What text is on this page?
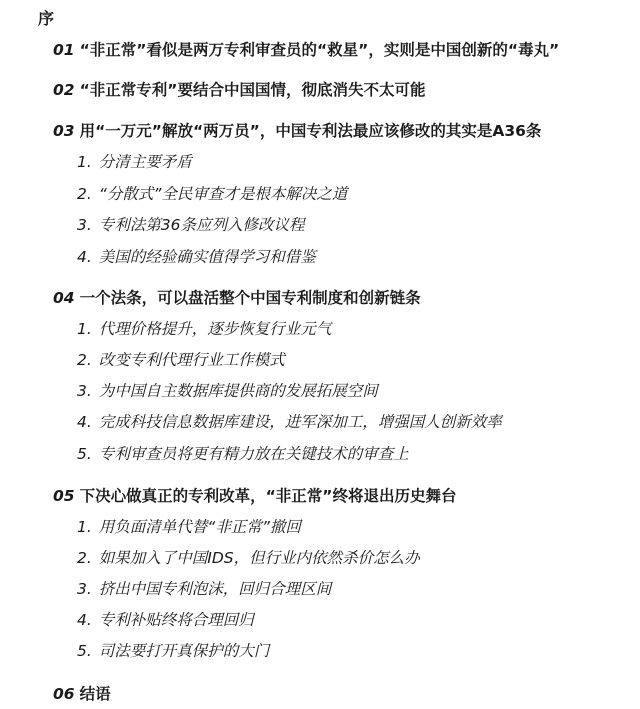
序
01 “非正常”看似是两万专利审查员的“救星”，实则是中国创新的“毒丸”
02 “非正常专利”要结合中国国情，彻底消失不太可能
03 用“一万元”解放“两万员”，中国专利法最应该修改的其实是A36条
1. 分清主要矛盾
2. “分散式”全民审查才是根本解决之道
3. 专利法第36条应列入修改议程
4. 美国的经验确实值得学习和借鉴
04 一个法条，可以盘活整个中国专利制度和创新链条
1. 代理价格提升，逐步恢复行业元气
2. 改变专利代理行业工作模式
3. 为中国自主数据库提供商的发展拓展空间
4. 完成科技信息数据库建设，进军深加工，增强国人创新效率
5. 专利审查员将更有精力放在关键技术的审查上
05 下决心做真正的专利改革，“非正常”终将退出历史舞台
1. 用负面清单代替“非正常”撤回
2. 如果加入了中国IDS，但行业内依然杀价怎么办
3. 挤出中国专利泡沫，回归合理区间
4. 专利补贴终将合理回归
5. 司法要打开真保护的大门
06 结语
